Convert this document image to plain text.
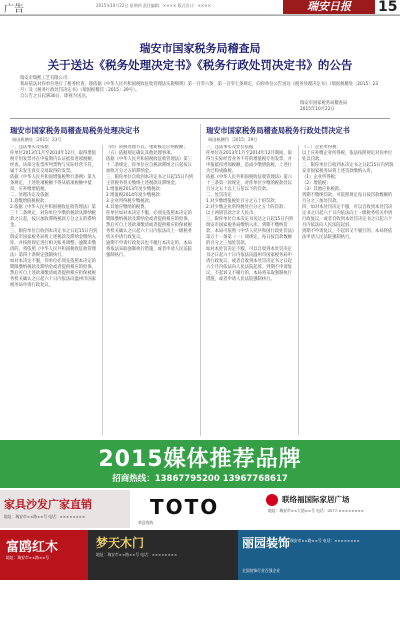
广告	2015年10月22日 星期四 责任编辑：×××× 版式设计：××××	瑞安日报	15
瑞安市国家税务局稽查局
关于送达《税务处理决定书》《税务行政处罚决定书》的公告
瑞安市瑞熙工艺有限公司：
我局依法对你单位进行了税务检查，现依据《中华人民共和国税收征收管理法实施细则》第一百零六条、第一百零七条规定，向你单位公告送达《税务处理决定书》（瑞国税稽处〔2015〕23号）及《税务行政处罚决定书》（瑞国税稽罚〔2015〕29号）。
自公告之日起满30日，即视为送达。
瑞安市国家税务局稽查局
2015年10月22日
瑞安市国家税务局稽查局税务处理决定书
瑞国税稽处〔2015〕23号
一、违法事实及依据
你单位2013年1月至2014年12月，取得增值税专用发票并在申报期内认证抵扣进项税额，经查，该部分发票所列货物与实际经营不符，属于未发生真实交易取得的发票。
依据《中华人民共和国增值税暂行条例》第九条规定，上述进项税额不得从销项税额中抵扣，应补缴增值税。
二、处理决定及依据
1.追缴增值税税款；
2.依据《中华人民共和国税收征收管理法》第三十二条规定，对你单位少缴的税款从滞纳税款之日起，按日加收滞纳税款万分之五的滞纳金。
三、限你单位自收到本决定书之日起15日内到瑞安市国家税务局将上述税款及滞纳金缴纳入库，并按照规定进行相关账务调整。逾期未缴清的，将依照《中华人民共和国税收征收管理法》第四十条规定强制执行。
如对本决定不服，你单位必须先依照本决定的期限缴纳税款及滞纳金或者提供相应的担保，然后可自上述款项缴清或者提供相应担保被税务机关确认之日起六十日内依法向温州市国家税务局申请行政复议。
（四）转换处理方式，重新核定应纳税额；
（五）依据规定确认其他处理事项。
依据《中华人民共和国税收征收管理法》第三十二条规定，你单位应自税款滞纳之日起按日加收万分之五的滞纳金。
三、限你单位自收到本决定书之日起15日内到主管税务机关缴纳上述税款及滞纳金。
1.增值税2013年度少缴税款：
2.增值税2014年度少缴税款：
3.企业所得税少缴税款；
4.其他应缴纳的税费。
你单位如对本决定不服，必须先依照本决定的期限缴纳税款及滞纳金或者提供相应的担保，然后可自上述款项缴清或者提供相应担保被税务机关确认之日起六十日内依法向上一级税务机关申请行政复议。
逾期不申请行政复议也不履行本决定的，本局将依法采取强制执行措施，或者申请人民法院强制执行。
瑞安市国家税务局稽查局税务行政处罚决定书
瑞国税稽罚〔2015〕29号
一、违法事实及处罚依据
你单位在2013年1月至2014年12月期间，取得与实际经营业务不符的增值税专用发票，并申报抵扣进项税额，造成少缴增值税。上述行为已构成偷税。
依据《中华人民共和国税收征收管理法》第六十三条第一款规定，对你单位少缴的税款处以百分之五十以上五倍以下的罚款。
二、处罚决定
1.对少缴增值税处百分之五十的罚款；
2.对少缴企业所得税处百分之五十的罚款；
以上两项罚款合计人民币。
三、限你单位自本决定书送达之日起15日内到瑞安市国家税务局缴纳入库。到期不缴纳罚款，本局可依照《中华人民共和国行政处罚法》第五十一条第（一）项规定，每日按罚款数额的百分之三加处罚款。
如对本处罚决定不服，可以自收到本处罚决定书之日起六十日内依法向温州市国家税务局申请行政复议，或者自收到本处罚决定书之日起六个月内依法向人民法院起诉。到期不申请复议，不起诉又不履行的，本局将采取强制执行措施，或者申请人民法院强制执行。
（二）企业所得税：
以上应补缴企业所得税，依法按照规定对你单位处以罚款。
三、限你单位自收到本决定书之日起15日内到瑞安市国家税务局将上述罚款缴纳入库。
（1）企业所得税；
（2）增值税；
（3）其他应补税款。
到期不缴纳罚款，可依照规定每日按罚款数额的百分之三加处罚款。
四、如对本处罚决定不服，可以自收到本处罚决定书之日起六十日内依法向上一级税务机关申请行政复议，或者自收到本处罚决定书之日起六个月内依法向人民法院起诉。
到期不申请复议，不起诉又不履行的，本局将依法申请人民法院强制执行。
2015媒体推荐品牌
招商热线：13867795200 13967768617
家具沙发广家直销
地址：瑞安市××路××号 电话：××××××××	TOTO
欢迎选购
联络福国际家居广场
地址：瑞安市××大道××号 电话：0577-××××××××
富鸥红木
地址：瑞安市××路××号
梦天木门
地址：瑞安市××路××号 电话：××××××××
丽园装饰 瑞安市××路××号 电话：××××××××
全国装饰行业百强企业
